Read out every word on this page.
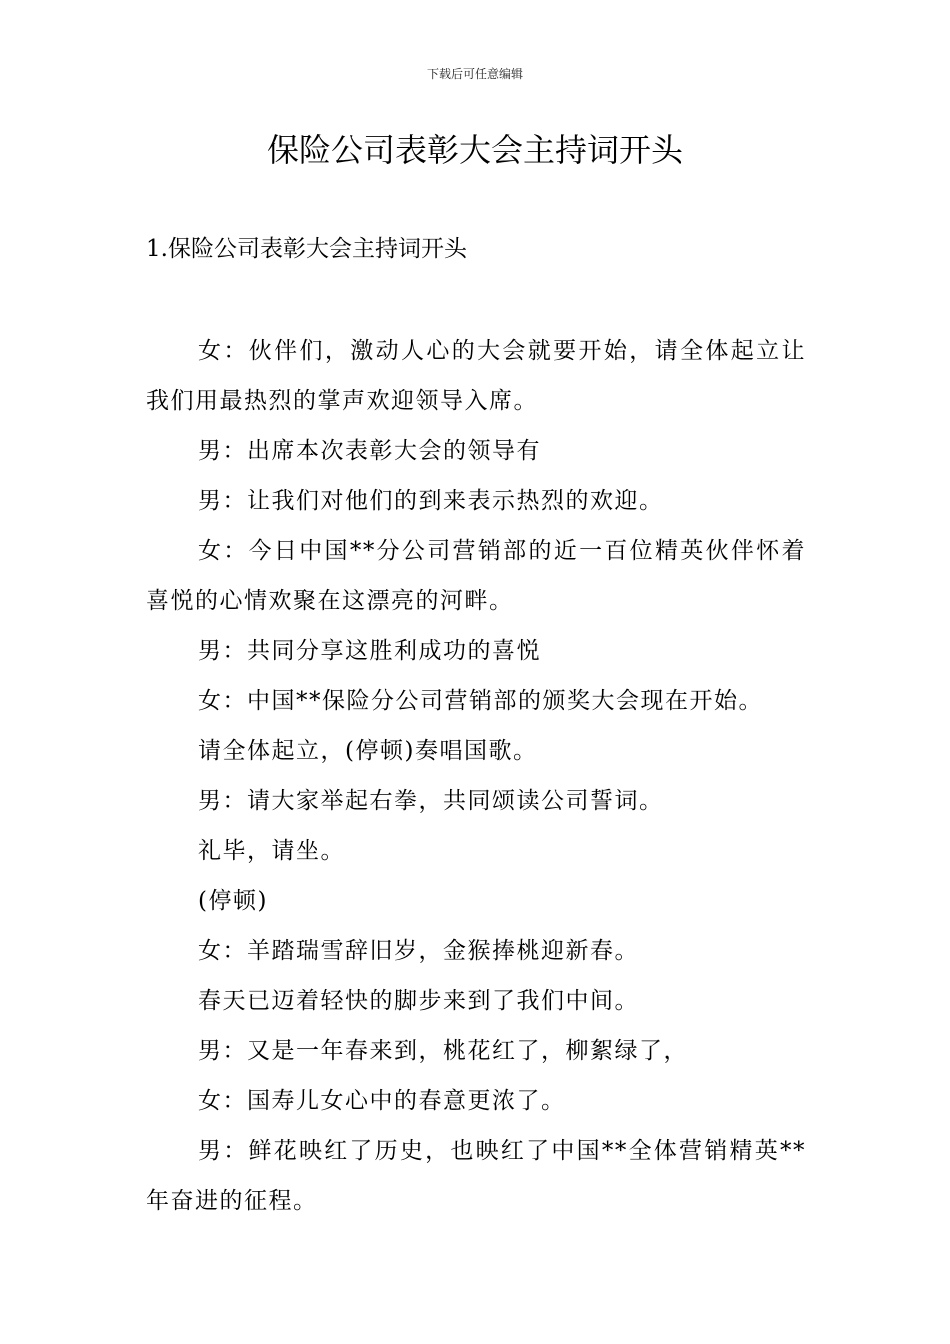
下载后可任意编辑
保险公司表彰大会主持词开头
1.保险公司表彰大会主持词开头

女：伙伴们，激动人心的大会就要开始，请全体起立让我们用最热烈的掌声欢迎领导入席。

男：出席本次表彰大会的领导有

男：让我们对他们的到来表示热烈的欢迎。

女：今日中国**分公司营销部的近一百位精英伙伴怀着喜悦的心情欢聚在这漂亮的河畔。

男：共同分享这胜利成功的喜悦

女：中国**保险分公司营销部的颁奖大会现在开始。

请全体起立，(停顿)奏唱国歌。

男：请大家举起右拳，共同颂读公司誓词。

礼毕，请坐。

(停顿)

女：羊踏瑞雪辞旧岁，金猴捧桃迎新春。

春天已迈着轻快的脚步来到了我们中间。

男：又是一年春来到，桃花红了，柳絮绿了，

女：国寿儿女心中的春意更浓了。

男：鲜花映红了历史，也映红了中国**全体营销精英**年奋进的征程。
